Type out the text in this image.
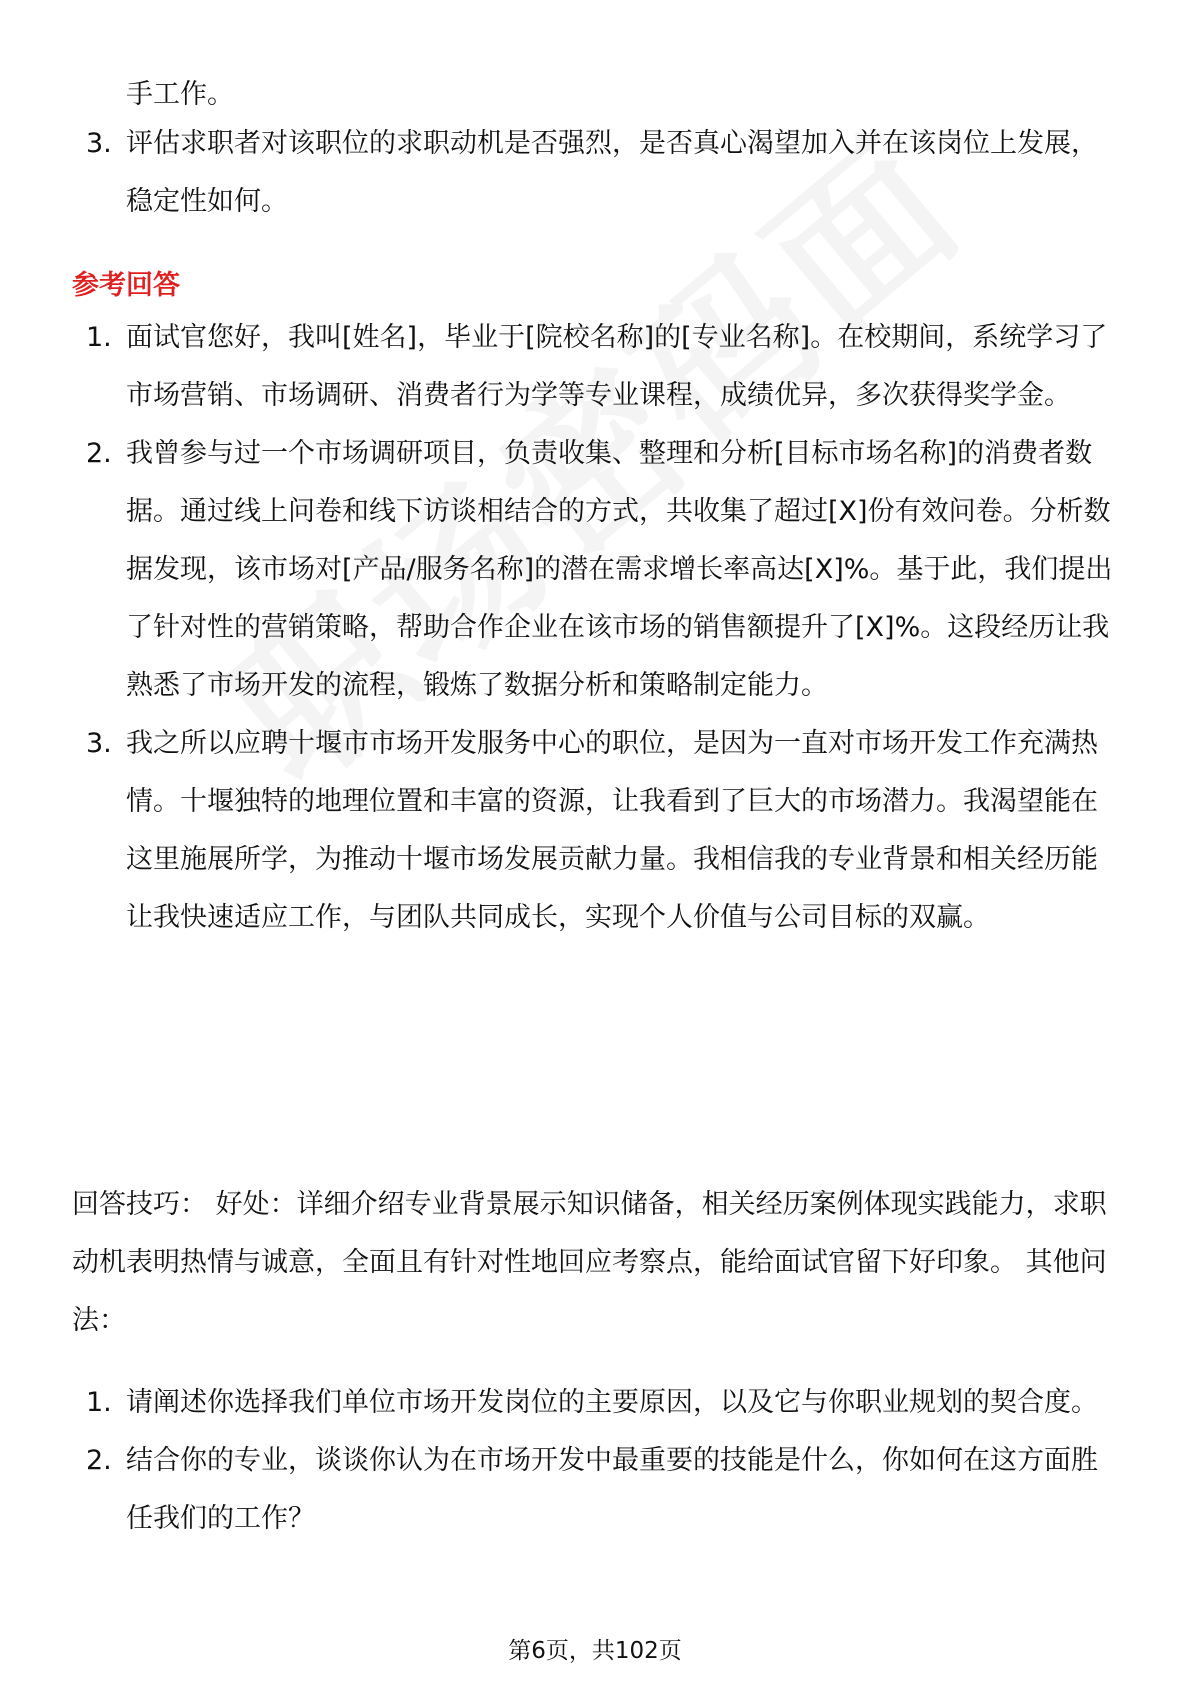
手工作。
3. 评估求职者对该职位的求职动机是否强烈，是否真心渴望加入并在该岗位上发展，稳定性如何。
参考回答
1. 面试官您好，我叫[姓名]，毕业于[院校名称]的[专业名称]。在校期间，系统学习了市场营销、市场调研、消费者行为学等专业课程，成绩优异，多次获得奖学金。
2. 我曾参与过一个市场调研项目，负责收集、整理和分析[目标市场名称]的消费者数据。通过线上问卷和线下访谈相结合的方式，共收集了超过[X]份有效问卷。分析数据发现，该市场对[产品/服务名称]的潜在需求增长率高达[X]%。基于此，我们提出了针对性的营销策略，帮助合作企业在该市场的销售额提升了[X]%。这段经历让我熟悉了市场开发的流程，锻炼了数据分析和策略制定能力。
3. 我之所以应聘十堰市市场开发服务中心的职位，是因为一直对市场开发工作充满热情。十堰独特的地理位置和丰富的资源，让我看到了巨大的市场潜力。我渴望能在这里施展所学，为推动十堰市场发展贡献力量。我相信我的专业背景和相关经历能让我快速适应工作，与团队共同成长，实现个人价值与公司目标的双赢。
回答技巧： 好处：详细介绍专业背景展示知识储备，相关经历案例体现实践能力，求职动机表明热情与诚意，全面且有针对性地回应考察点，能给面试官留下好印象。 其他问法：
1. 请阐述你选择我们单位市场开发岗位的主要原因，以及它与你职业规划的契合度。
2. 结合你的专业，谈谈你认为在市场开发中最重要的技能是什么，你如何在这方面胜任我们的工作？
第6页，共102页
